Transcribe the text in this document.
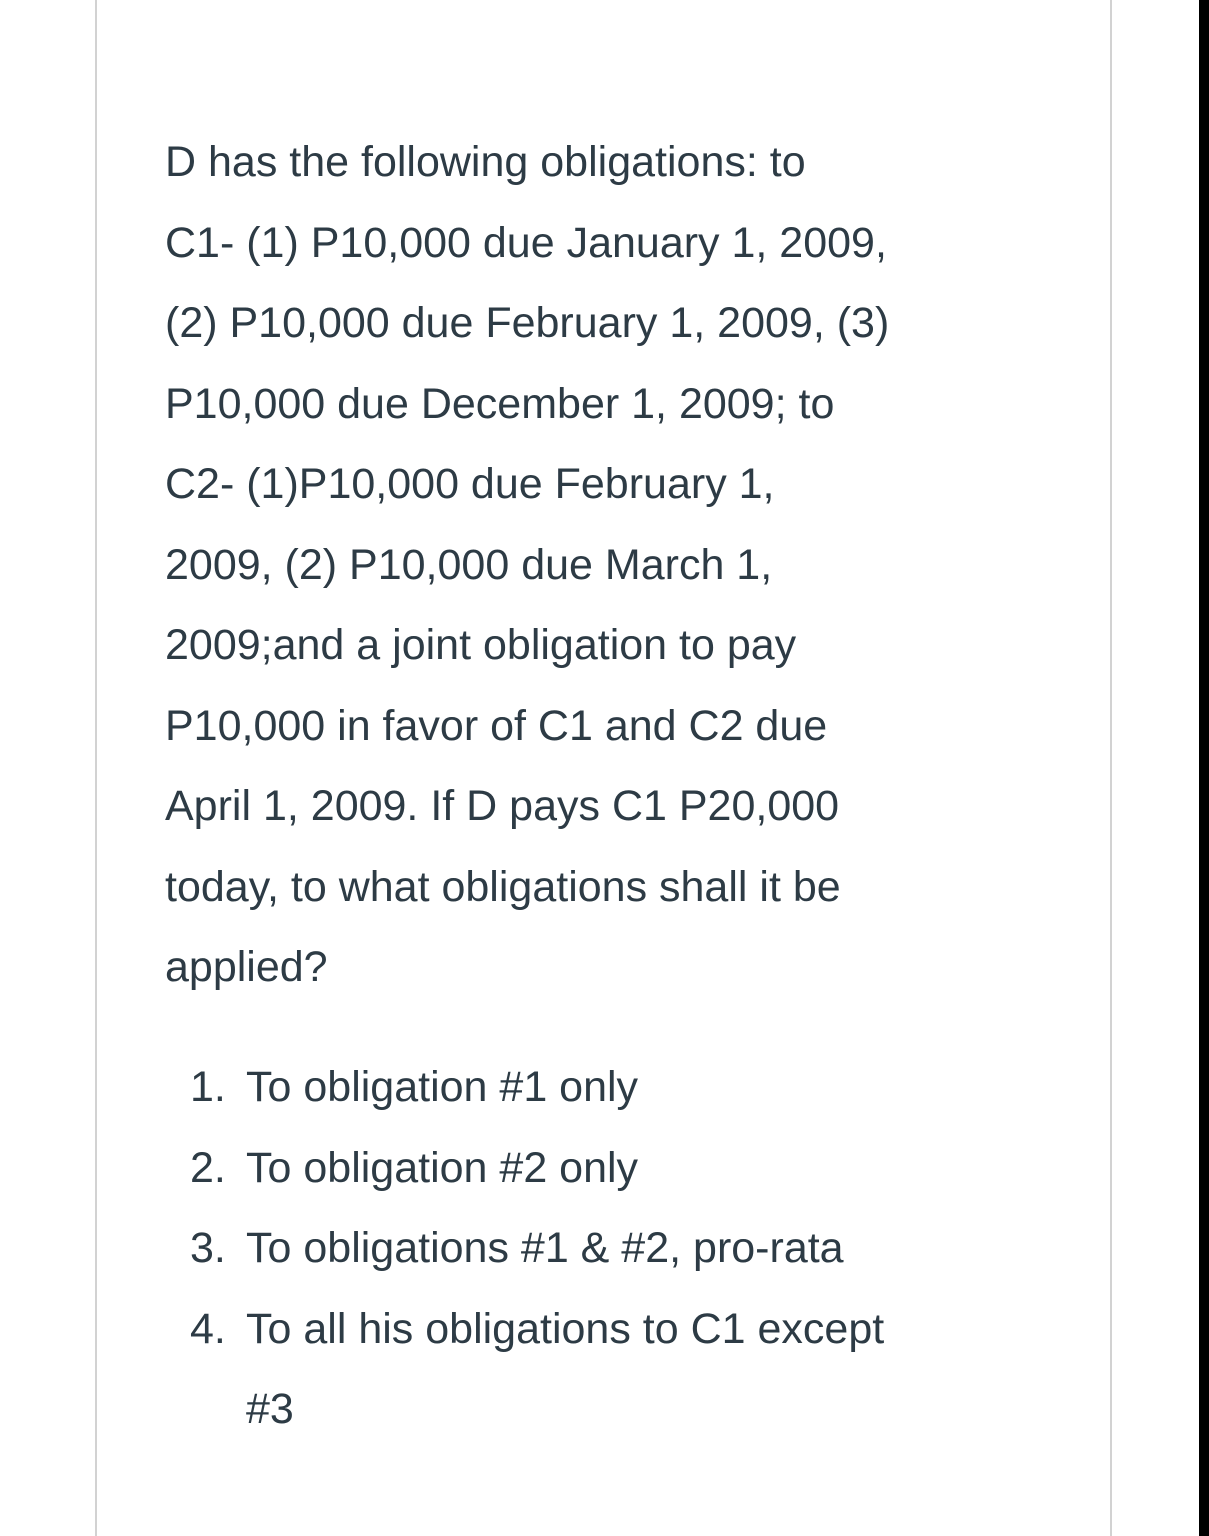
D has the following obligations: to
C1- (1) P10,000 due January 1, 2009,
(2) P10,000 due February 1, 2009, (3)
P10,000 due December 1, 2009; to
C2- (1)P10,000 due February 1,
2009, (2) P10,000 due March 1,
2009;and a joint obligation to pay
P10,000 in favor of C1 and C2 due
April 1, 2009. If D pays C1 P20,000
today, to what obligations shall it be
applied?
1. To obligation #1 only
2. To obligation #2 only
3. To obligations #1 & #2, pro-rata
4. To all his obligations to C1 except
#3
